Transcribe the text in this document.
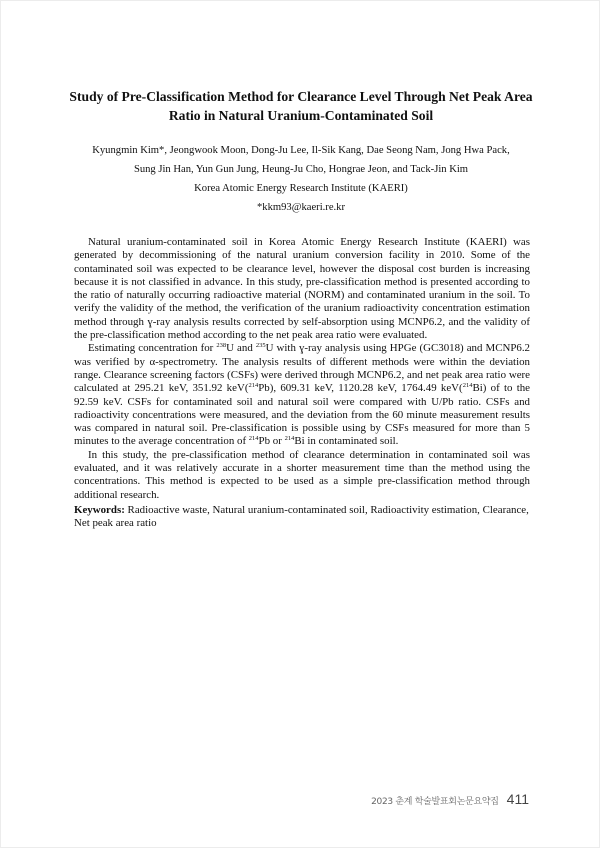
Study of Pre-Classification Method for Clearance Level Through Net Peak Area
Ratio in Natural Uranium-Contaminated Soil
Kyungmin Kim*, Jeongwook Moon, Dong-Ju Lee, Il-Sik Kang, Dae Seong Nam, Jong Hwa Pack,
Sung Jin Han, Yun Gun Jung, Heung-Ju Cho, Hongrae Jeon, and Tack-Jin Kim
Korea Atomic Energy Research Institute (KAERI)
*kkm93@kaeri.re.kr

Natural uranium-contaminated soil in Korea Atomic Energy Research Institute (KAERI) was generated by decommissioning of the natural uranium conversion facility in 2010. Some of the contaminated soil was expected to be clearance level, however the disposal cost burden is increasing because it is not classified in advance. In this study, pre-classification method is presented according to the ratio of naturally occurring radioactive material (NORM) and contaminated uranium in the soil. To verify the validity of the method, the verification of the uranium radioactivity concentration estimation method through ɣ-ray analysis results corrected by self-absorption using MCNP6.2, and the validity of the pre-classification method according to the net peak area ratio were evaluated.

Estimating concentration for $^{238}$U and $^{235}$U with ɣ-ray analysis using HPGe (GC3018) and MCNP6.2 was verified by α-spectrometry. The analysis results of different methods were within the deviation range. Clearance screening factors (CSFs) were derived through MCNP6.2, and net peak area ratio were calculated at 295.21 keV, 351.92 keV($^{214}$Pb), 609.31 keV, 1120.28 keV, 1764.49 keV($^{214}$Bi) of to the 92.59 keV. CSFs for contaminated soil and natural soil were compared with U/Pb ratio. CSFs and radioactivity concentrations were measured, and the deviation from the 60 minute measurement results was compared in natural soil. Pre-classification is possible using by CSFs measured for more than 5 minutes to the average concentration of $^{214}$Pb or $^{214}$Bi in contaminated soil.

In this study, the pre-classification method of clearance determination in contaminated soil was evaluated, and it was relatively accurate in a shorter measurement time than the method using the concentrations. This method is expected to be used as a simple pre-classification method through additional research.

Keywords: Radioactive waste, Natural uranium-contaminated soil, Radioactivity estimation, Clearance, Net peak area ratio
2023 춘계 학술발표회논문요약집 411
